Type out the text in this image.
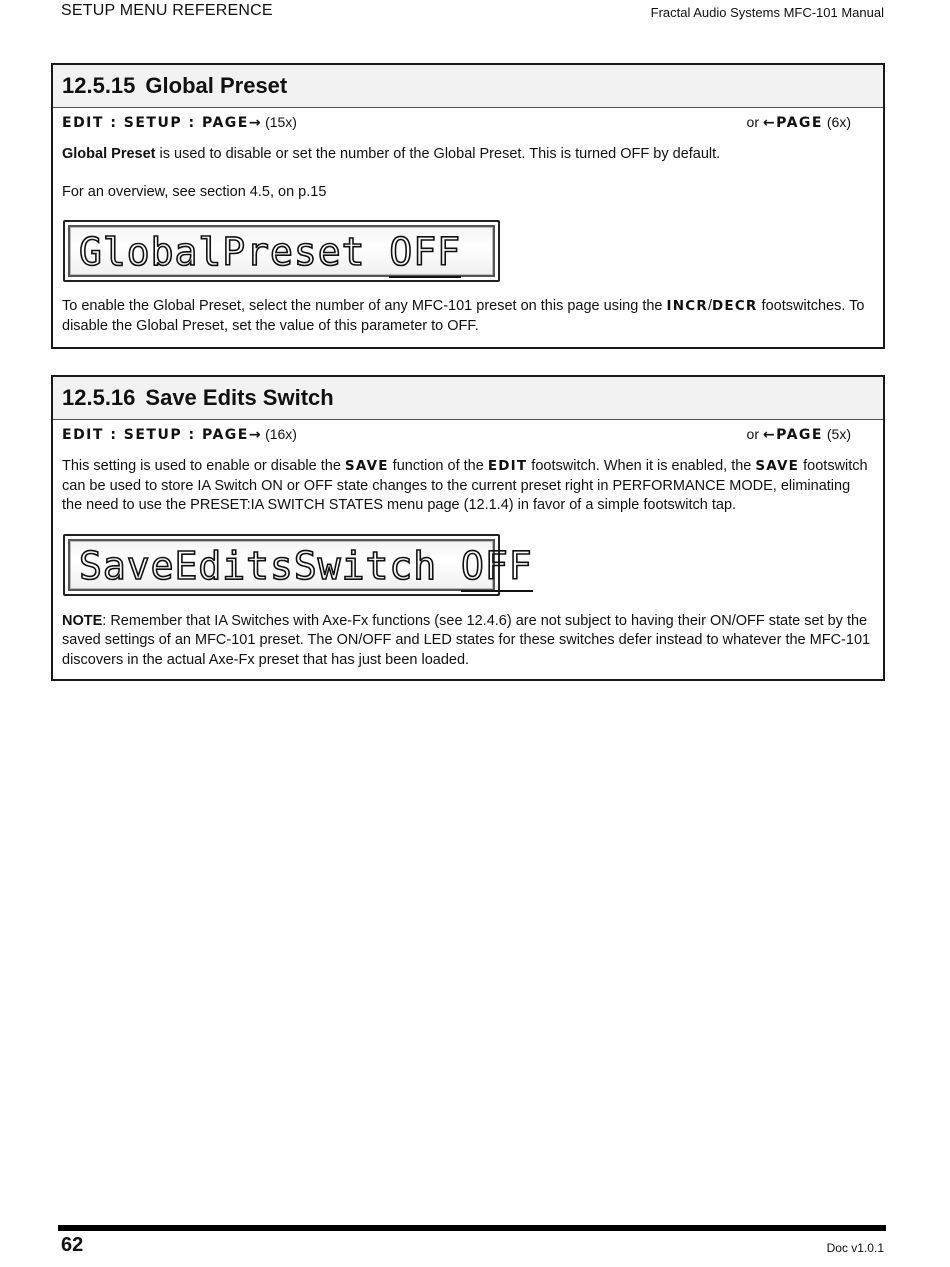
SETUP MENU REFERENCE	Fractal Audio Systems MFC-101 Manual
12.5.15 Global Preset
EDIT : SETUP : PAGE→ (15x)	or ←PAGE (6x)
Global Preset is used to disable or set the number of the Global Preset. This is turned OFF by default.
For an overview, see section 4.5, on p.15
GlobalPreset OFF
To enable the Global Preset, select the number of any MFC-101 preset on this page using the INCR/DECR footswitches. To disable the Global Preset, set the value of this parameter to OFF.
12.5.16 Save Edits Switch
EDIT : SETUP : PAGE→ (16x)	or ←PAGE (5x)
This setting is used to enable or disable the SAVE function of the EDIT footswitch. When it is enabled, the SAVE footswitch can be used to store IA Switch ON or OFF state changes to the current preset right in PERFORMANCE MODE, eliminating the need to use the PRESET:IA SWITCH STATES menu page (12.1.4) in favor of a simple footswitch tap.
SaveEditsSwitch OFF
NOTE: Remember that IA Switches with Axe-Fx functions (see 12.4.6) are not subject to having their ON/OFF state set by the saved settings of an MFC-101 preset. The ON/OFF and LED states for these switches defer instead to whatever the MFC-101 discovers in the actual Axe-Fx preset that has just been loaded.
62	Doc v1.0.1
